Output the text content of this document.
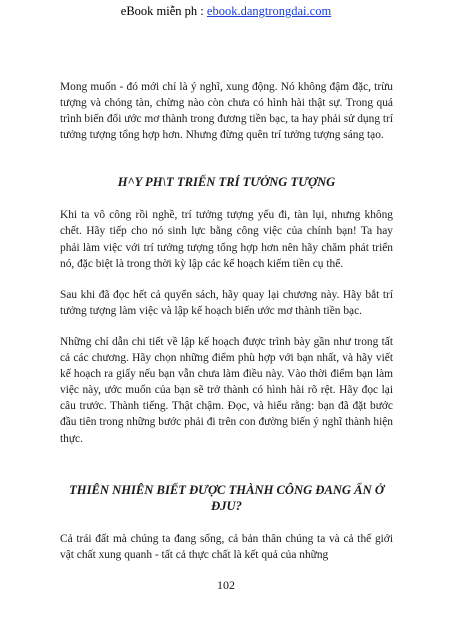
eBook miễn ph : ebook.dangtrongdai.com

Mong muốn - đó mới chỉ là ý nghĩ, xung động. Nó không đậm đặc, trừu tượng và chóng tàn, chừng nào còn chưa có hình hài thật sự. Trong quá trình biến đổi ước mơ thành trong đương tiền bạc, ta hay phải sử dụng trí tưởng tượng tổng hợp hơn. Nhưng đừng quên trí tưởng tượng sáng tạo.

H^Y PH\T TRIỂN TRÍ TƯỞNG TƯỢNG

Khi ta vô công rồi nghề, trí tưởng tượng yếu đi, tàn lụi, nhưng không chết. Hãy tiếp cho nó sinh lực bằng công việc của chính bạn! Ta hay phải làm việc với trí tưởng tượng tổng hợp hơn nên hãy chăm phát triển nó, đặc biệt là trong thời kỳ lập các kế hoạch kiếm tiền cụ thể.

Sau khi đã đọc hết cả quyển sách, hãy quay lại chương này. Hãy bắt trí tưởng tượng làm việc và lập kế hoạch biến ước mơ thành tiền bạc.

Những chỉ dẫn chi tiết về lập kế hoạch được trình bày gần như trong tất cả các chương. Hãy chọn những điểm phù hợp với bạn nhất, và hãy viết kế hoạch ra giấy nếu bạn vẫn chưa làm điều này. Vào thời điểm bạn làm việc này, ước muốn của bạn sẽ trở thành có hình hài rõ rệt. Hãy đọc lại câu trước. Thành tiếng. Thật chậm. Đọc, và hiểu rằng: bạn đã đặt bước đầu tiên trong những bước phải đi trên con đường biến ý nghĩ thành hiện thực.

THIÊN NHIÊN BIẾT ĐƯỢC THÀNH CÔNG ĐANG ẨN Ở ĐJU?

Cả trái đất mà chúng ta đang sống, cả bản thân chúng ta và cả thế giới vật chất xung quanh - tất cả thực chất là kết quả của những

102
